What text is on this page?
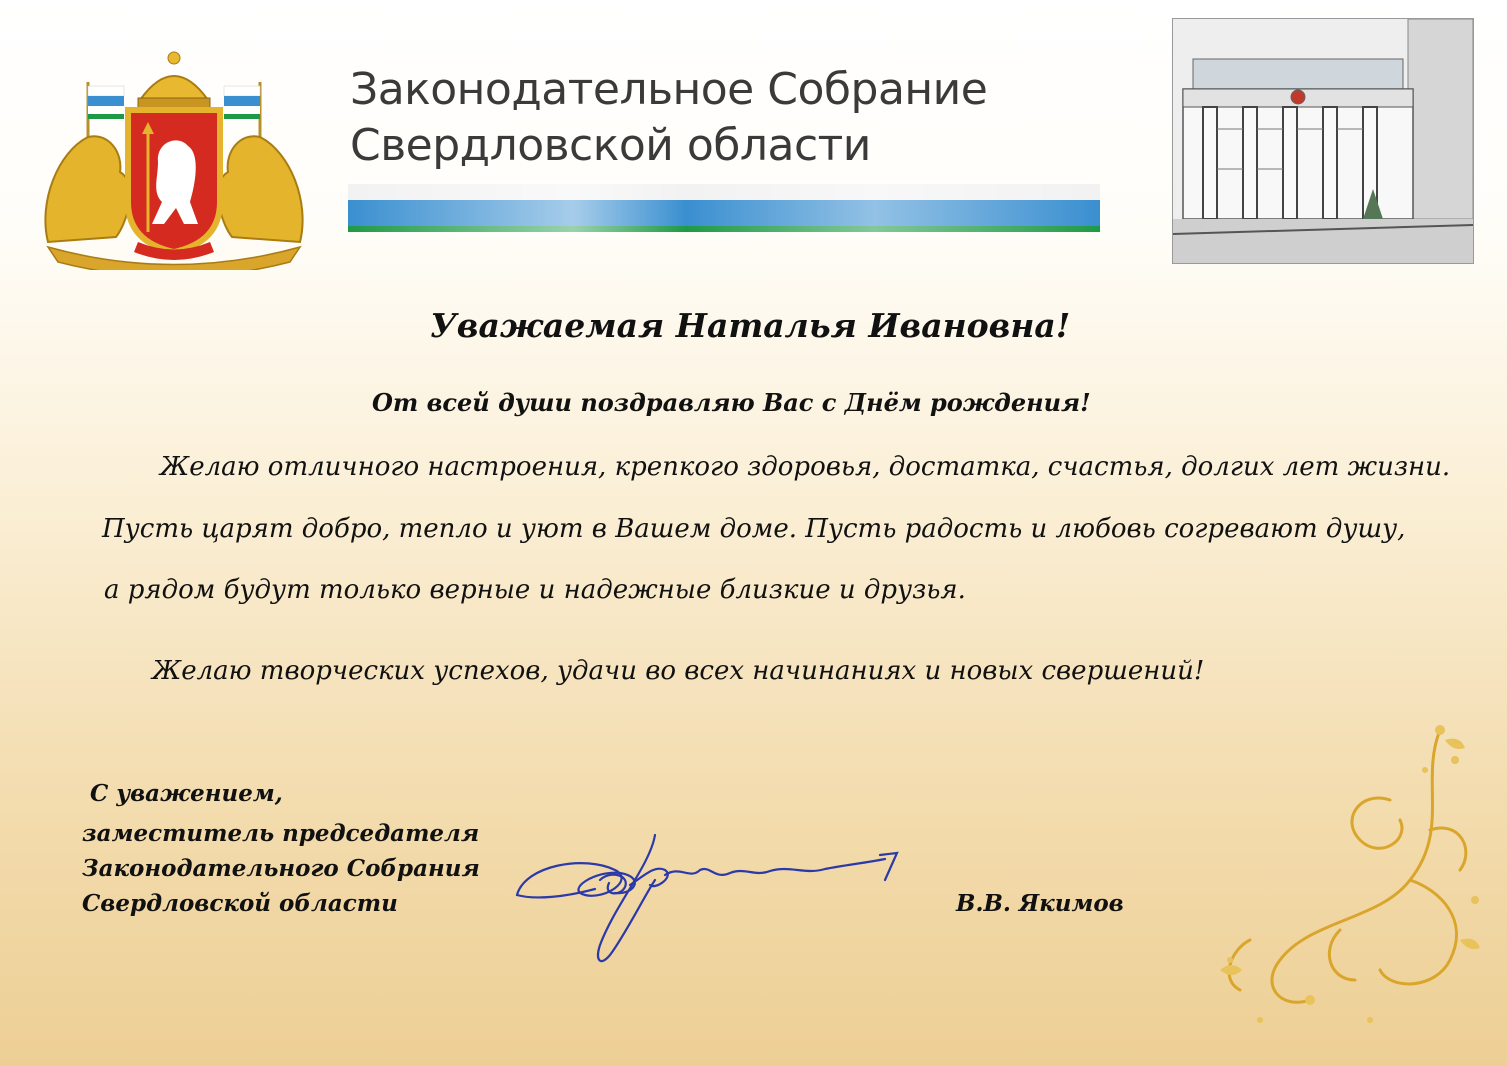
Законодательное Собрание
Свердловской области
Уважаемая Наталья Ивановна!
От всей души поздравляю Вас с Днём рождения!
Желаю отличного настроения, крепкого здоровья, достатка, счастья, долгих лет жизни.
Пусть царят добро, тепло и уют в Вашем доме. Пусть радость и любовь согревают душу,
а рядом будут только верные и надежные близкие и друзья.
Желаю творческих успехов, удачи во всех начинаниях и новых свершений!
С уважением,
заместитель председателя
Законодательного Собрания
Свердловской области	В.В. Якимов
